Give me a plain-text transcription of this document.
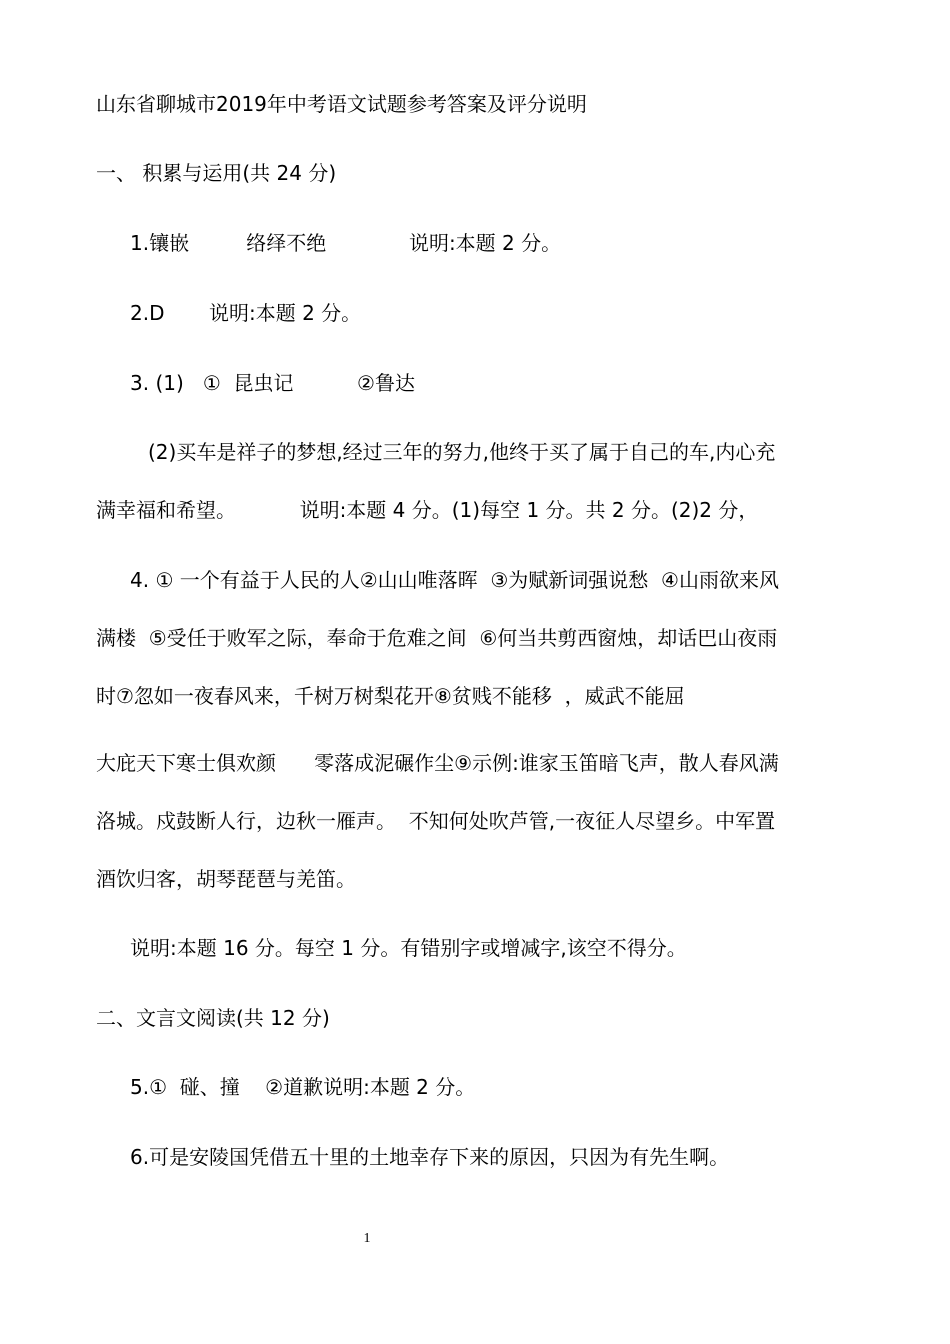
山东省聊城市2019年中考语文试题参考答案及评分说明
一、 积累与运用(共 24 分)
1.镶嵌         络绎不绝             说明:本题 2 分。
2.D       说明:本题 2 分。
3. (1)   ①  昆虫记          ②鲁达
(2)买车是祥子的梦想,经过三年的努力,他终于买了属于自己的车,内心充
满幸福和希望。          说明:本题 4 分。(1)每空 1 分。共 2 分。(2)2 分，
4. ① 一个有益于人民的人②山山唯落晖  ③为赋新词强说愁  ④山雨欲来风
满楼  ⑤受任于败军之际，奉命于危难之间  ⑥何当共剪西窗烛，却话巴山夜雨
时⑦忽如一夜春风来，千树万树梨花开⑧贫贱不能移  ，威武不能屈
大庇天下寒士俱欢颜      零落成泥碾作尘⑨示例:谁家玉笛暗飞声，散人春风满
洛城。戍鼓断人行，边秋一雁声。  不知何处吹芦管,一夜征人尽望乡。中军置
酒饮归客，胡琴琵琶与羌笛。
说明:本题 16 分。每空 1 分。有错别字或增减字,该空不得分。
二、文言文阅读(共 12 分)
5.①  碰、撞    ②道歉说明:本题 2 分。
6.可是安陵国凭借五十里的土地幸存下来的原因，只因为有先生啊。
1
